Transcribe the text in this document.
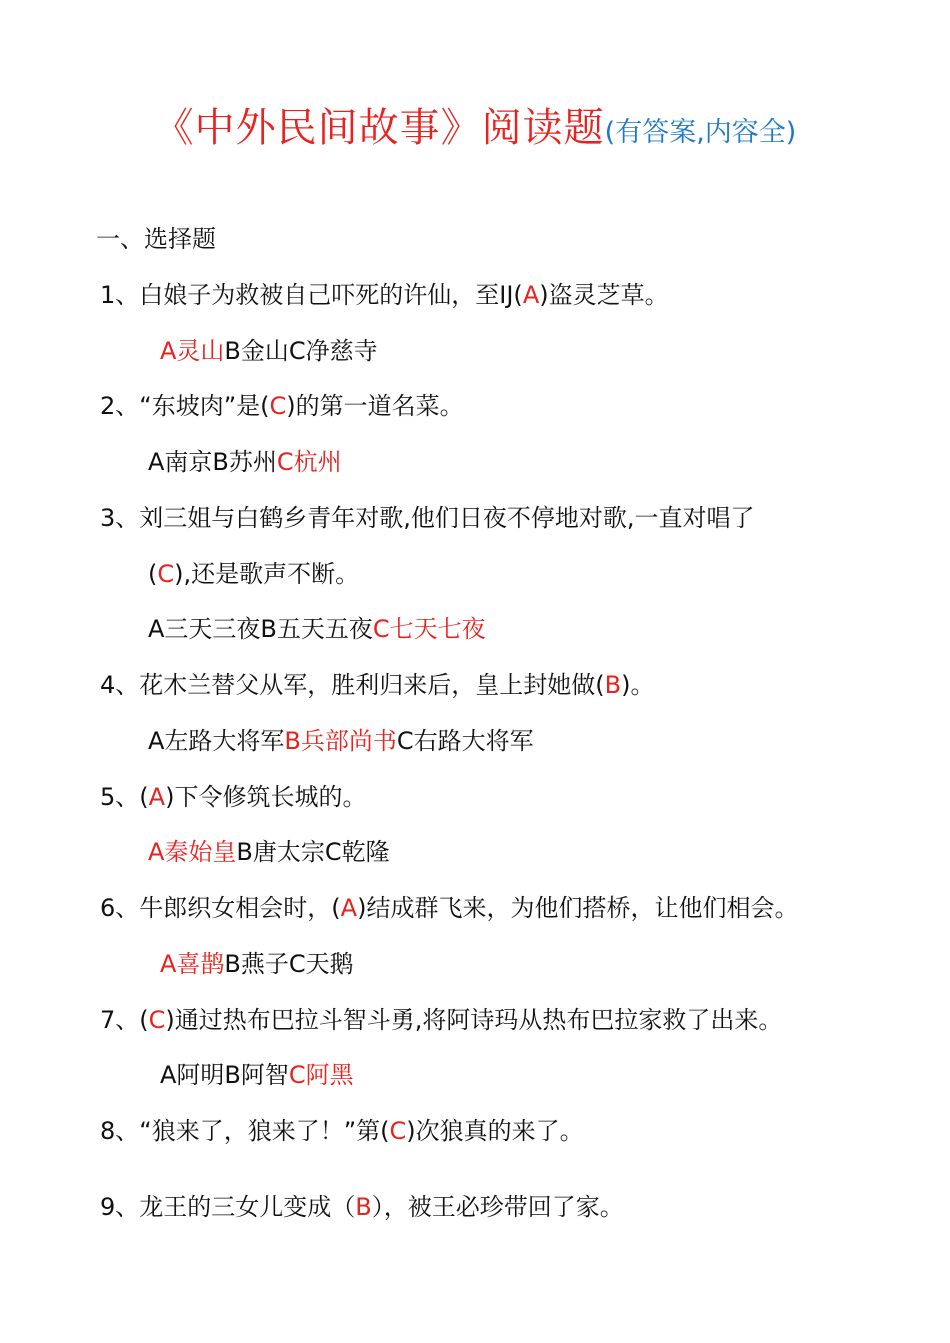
《中外民间故事》阅读题(有答案,内容全)
一、选择题
1、白娘子为救被自己吓死的许仙，至IJ(A)盗灵芝草。
A灵山B金山C净慈寺
2、“东坡肉”是(C)的第一道名菜。
A南京B苏州C杭州
3、刘三姐与白鹤乡青年对歌,他们日夜不停地对歌,一直对唱了
(C),还是歌声不断。
A三天三夜B五天五夜C七天七夜
4、花木兰替父从军，胜利归来后，皇上封她做(B)。
A左路大将军B兵部尚书C右路大将军
5、(A)下令修筑长城的。
A秦始皇B唐太宗C乾隆
6、牛郎织女相会时，(A)结成群飞来，为他们搭桥，让他们相会。
A喜鹊B燕子C天鹅
7、(C)通过热布巴拉斗智斗勇,将阿诗玛从热布巴拉家救了出来。
A阿明B阿智C阿黑
8、“狼来了，狼来了！”第(C)次狼真的来了。
9、龙王的三女儿变成（B），被王必珍带回了家。
